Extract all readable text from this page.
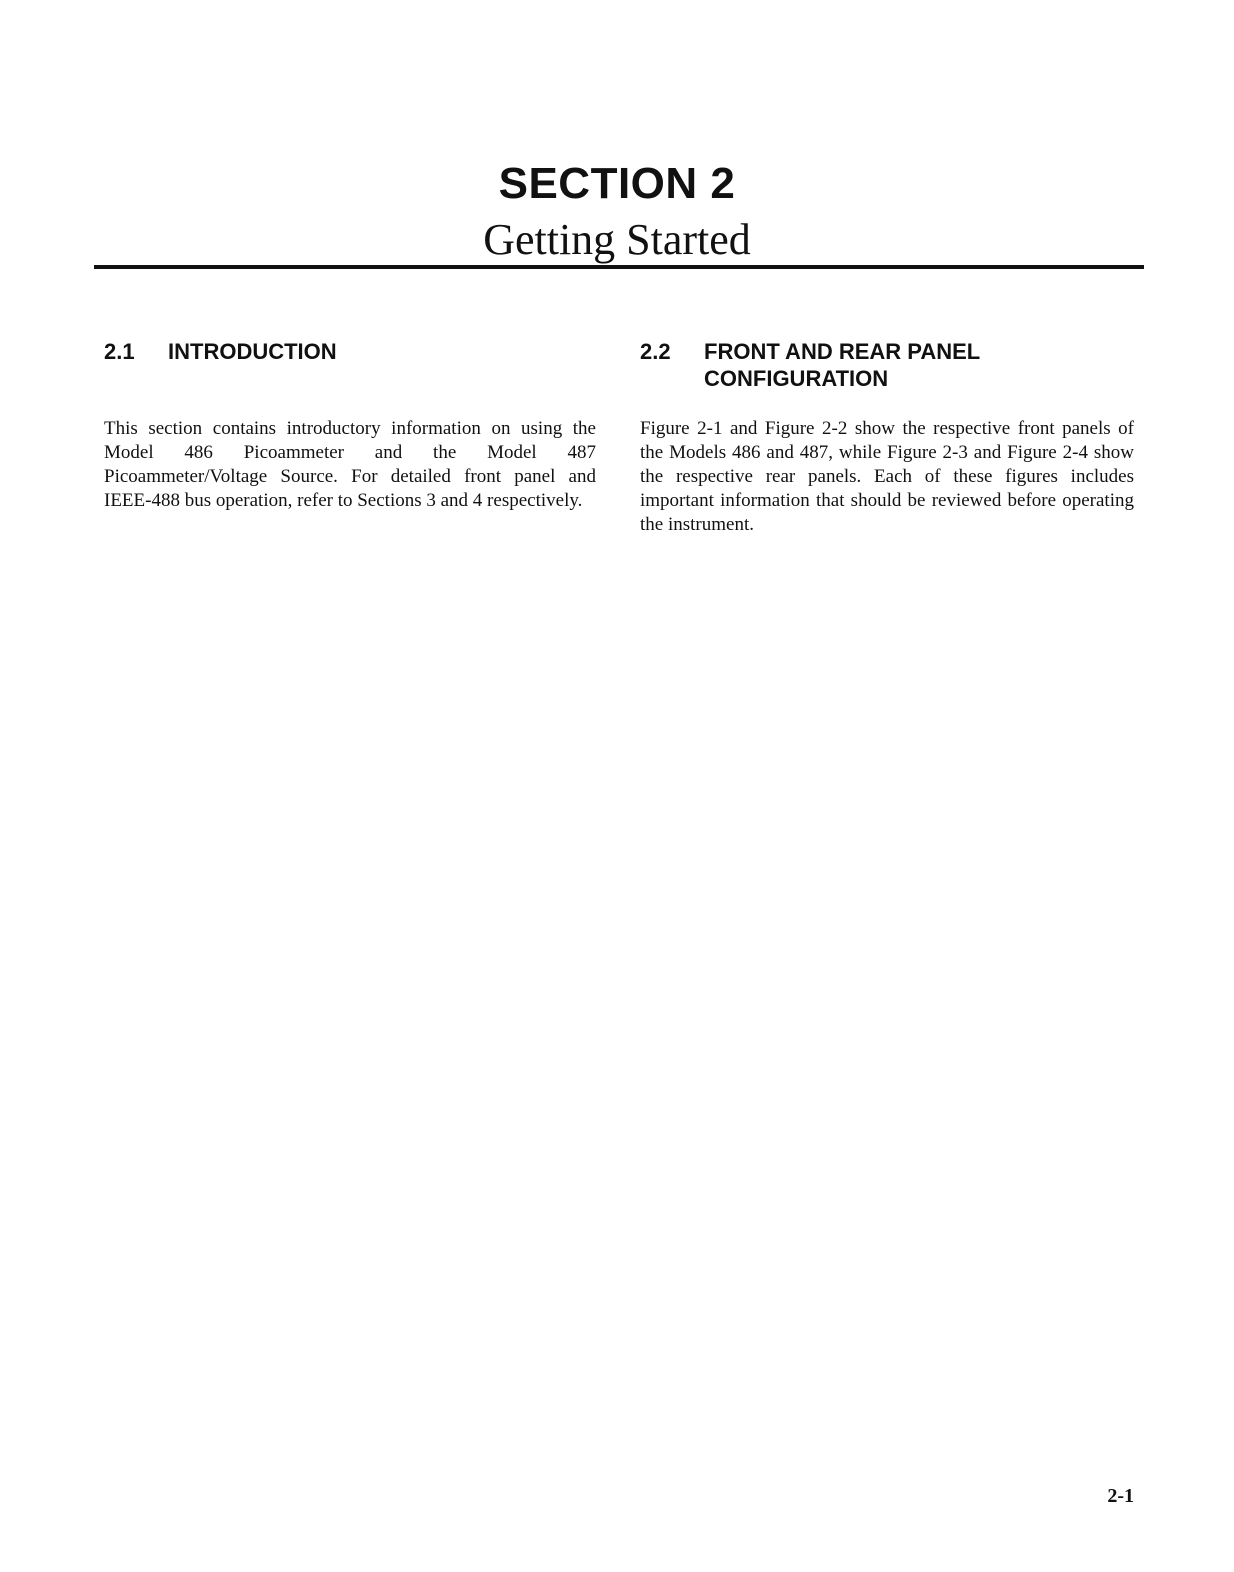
SECTION 2
Getting Started
2.1	INTRODUCTION

This section contains introductory information on using the Model 486 Picoammeter and the Model 487 Picoammeter/Voltage Source. For detailed front panel and IEEE-488 bus operation, refer to Sections 3 and 4 respectively.

2.2	FRONT AND REAR PANEL CONFIGURATION

Figure 2-1 and Figure 2-2 show the respective front panels of the Models 486 and 487, while Figure 2-3 and Figure 2-4 show the respective rear panels. Each of these figures includes important information that should be reviewed before operating the instrument.

2-1
